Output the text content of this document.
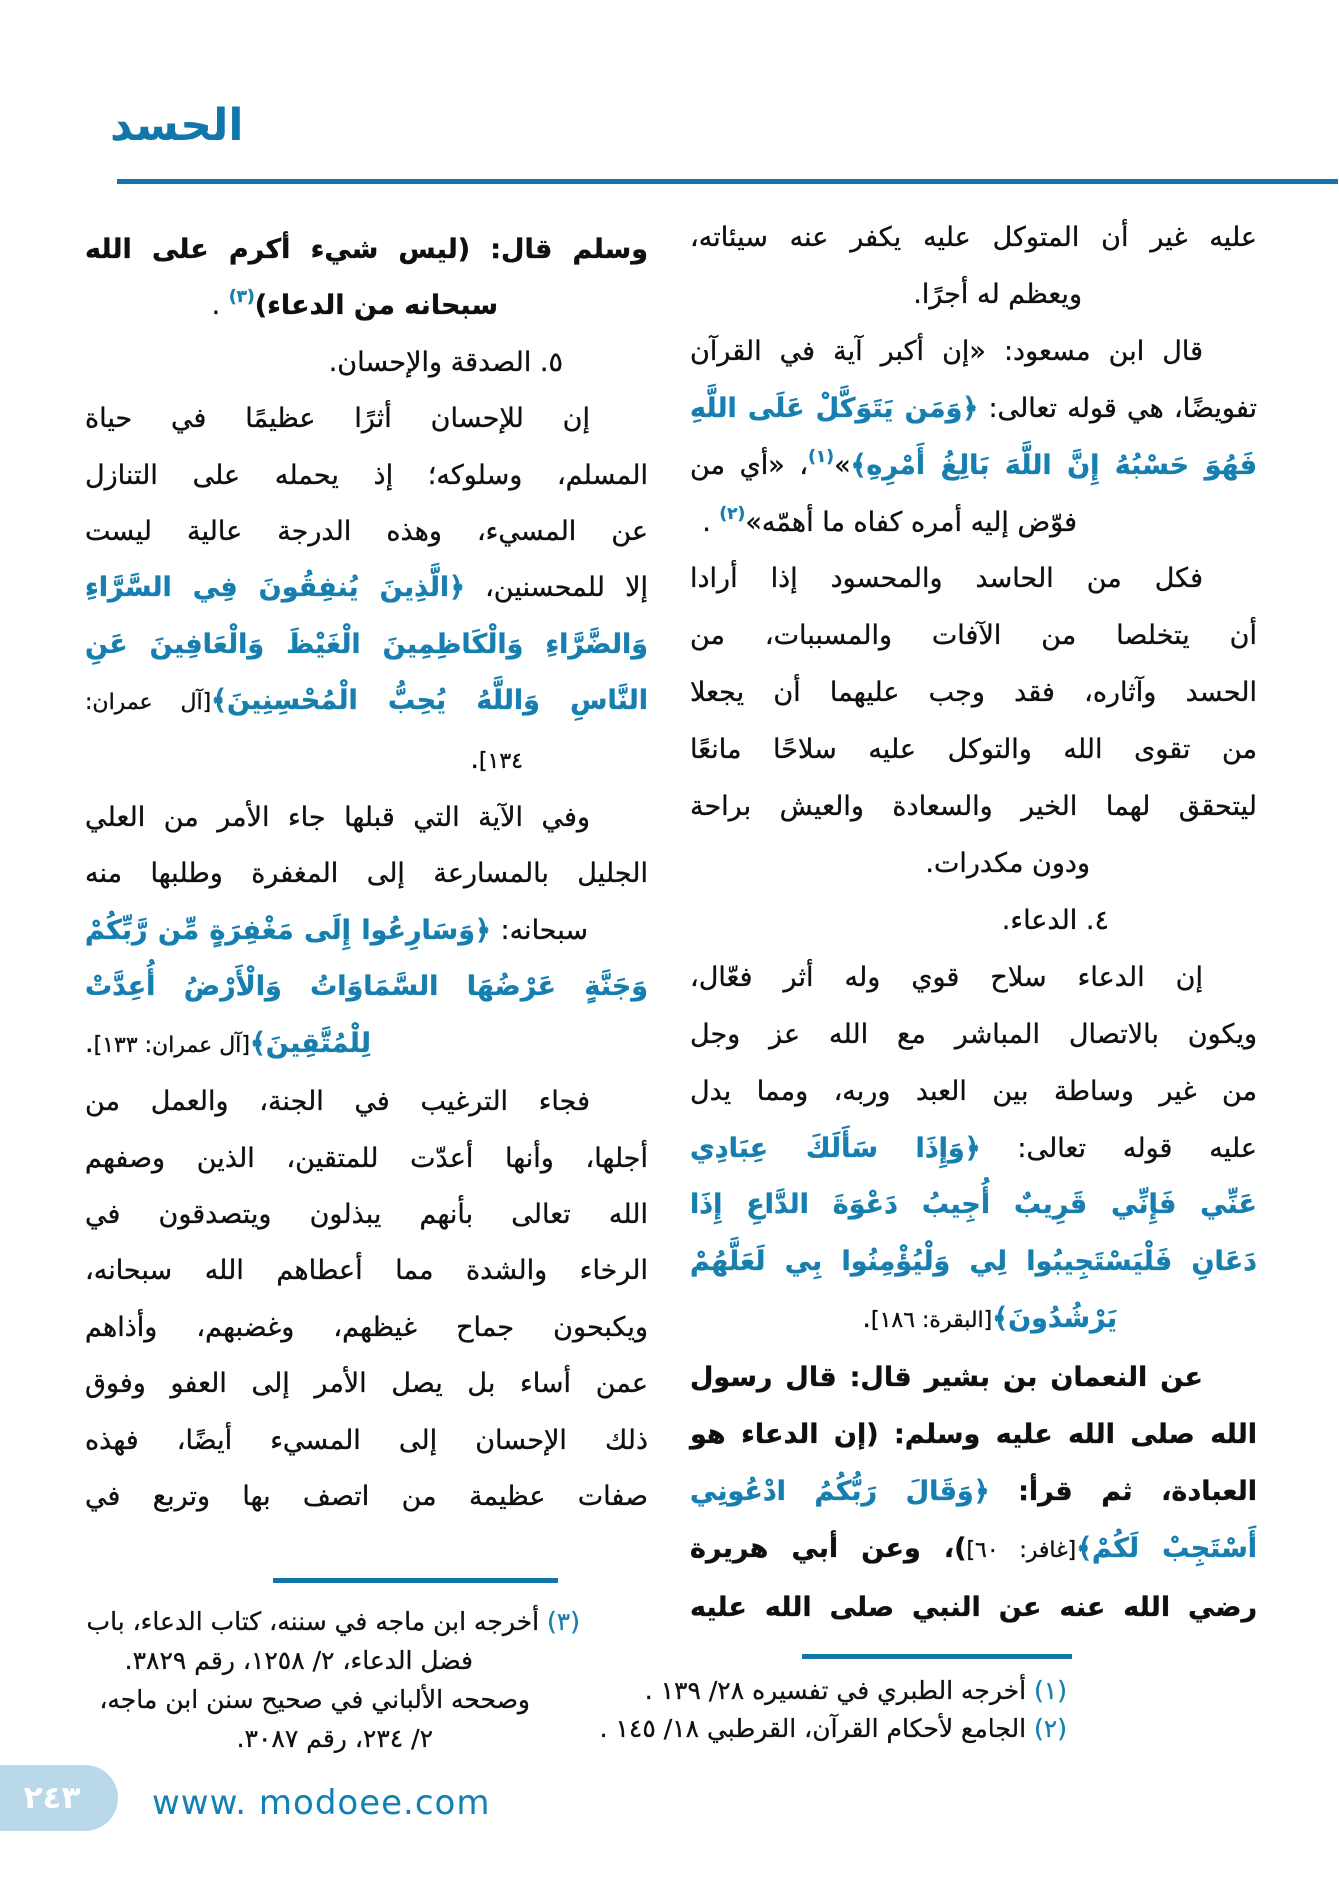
الحسد
عليه غير أن المتوكل عليه يكفر عنه سيئاته،
ويعظم له أجرًا.
قال ابن مسعود: «إن أكبر آية في القرآن
تفويضًا، هي قوله تعالى: ﴿وَمَن يَتَوَكَّلْ عَلَى اللَّهِ
فَهُوَ حَسْبُهُ إِنَّ اللَّهَ بَالِغُ أَمْرِهِ﴾»$^{(١)}$، «أي من
فوّض إليه أمره كفاه ما أهمّه»$^{(٢)}$ .
فكل من الحاسد والمحسود إذا أرادا
أن يتخلصا من الآفات والمسببات، من
الحسد وآثاره، فقد وجب عليهما أن يجعلا
من تقوى الله والتوكل عليه سلاحًا مانعًا
ليتحقق لهما الخير والسعادة والعيش براحة
ودون مكدرات.
٤. الدعاء.
إن الدعاء سلاح قوي وله أثر فعّال،
ويكون بالاتصال المباشر مع الله عز وجل
من غير وساطة بين العبد وربه، ومما يدل
عليه قوله تعالى: ﴿وَإِذَا سَأَلَكَ عِبَادِي
عَنِّي فَإِنِّي قَرِيبٌ أُجِيبُ دَعْوَةَ الدَّاعِ إِذَا
دَعَانِ فَلْيَسْتَجِيبُوا لِي وَلْيُؤْمِنُوا بِي لَعَلَّهُمْ
يَرْشُدُونَ﴾[البقرة: ١٨٦].
عن النعمان بن بشير قال: قال رسول
الله صلى الله عليه وسلم: (إن الدعاء هو
العبادة، ثم قرأ: ﴿وَقَالَ رَبُّكُمُ ادْعُونِي
أَسْتَجِبْ لَكُمْ﴾[غافر: ٦٠])، وعن أبي هريرة
رضي الله عنه عن النبي صلى الله عليه
(١) أخرجه الطبري في تفسيره ٢٨/ ١٣٩ .
(٢) الجامع لأحكام القرآن، القرطبي ١٨/ ١٤٥ .
وسلم قال: (ليس شيء أكرم على الله
سبحانه من الدعاء)$^{(٣)}$ .
٥. الصدقة والإحسان.
إن للإحسان أثرًا عظيمًا في حياة
المسلم، وسلوكه؛ إذ يحمله على التنازل
عن المسيء، وهذه الدرجة عالية ليست
إلا للمحسنين، ﴿الَّذِينَ يُنفِقُونَ فِي السَّرَّاءِ
وَالضَّرَّاءِ وَالْكَاظِمِينَ الْغَيْظَ وَالْعَافِينَ عَنِ
النَّاسِ وَاللَّهُ يُحِبُّ الْمُحْسِنِينَ﴾[آل عمران:
١٣٤].
وفي الآية التي قبلها جاء الأمر من العلي
الجليل بالمسارعة إلى المغفرة وطلبها منه
سبحانه: ﴿وَسَارِعُوا إِلَى مَغْفِرَةٍ مِّن رَّبِّكُمْ
وَجَنَّةٍ عَرْضُهَا السَّمَاوَاتُ وَالْأَرْضُ أُعِدَّتْ
لِلْمُتَّقِينَ﴾[آل عمران: ١٣٣].
فجاء الترغيب في الجنة، والعمل من
أجلها، وأنها أعدّت للمتقين، الذين وصفهم
الله تعالى بأنهم يبذلون ويتصدقون في
الرخاء والشدة مما أعطاهم الله سبحانه،
ويكبحون جماح غيظهم، وغضبهم، وأذاهم
عمن أساء بل يصل الأمر إلى العفو وفوق
ذلك الإحسان إلى المسيء أيضًا، فهذه
صفات عظيمة من اتصف بها وتربع في
(٣) أخرجه ابن ماجه في سننه، كتاب الدعاء، باب
فضل الدعاء، ٢/ ١٢٥٨، رقم ٣٨٢٩.
وصححه الألباني في صحيح سنن ابن ماجه،
٢/ ٢٣٤، رقم ٣٠٨٧.
٢٤٣ www. modoee.com
